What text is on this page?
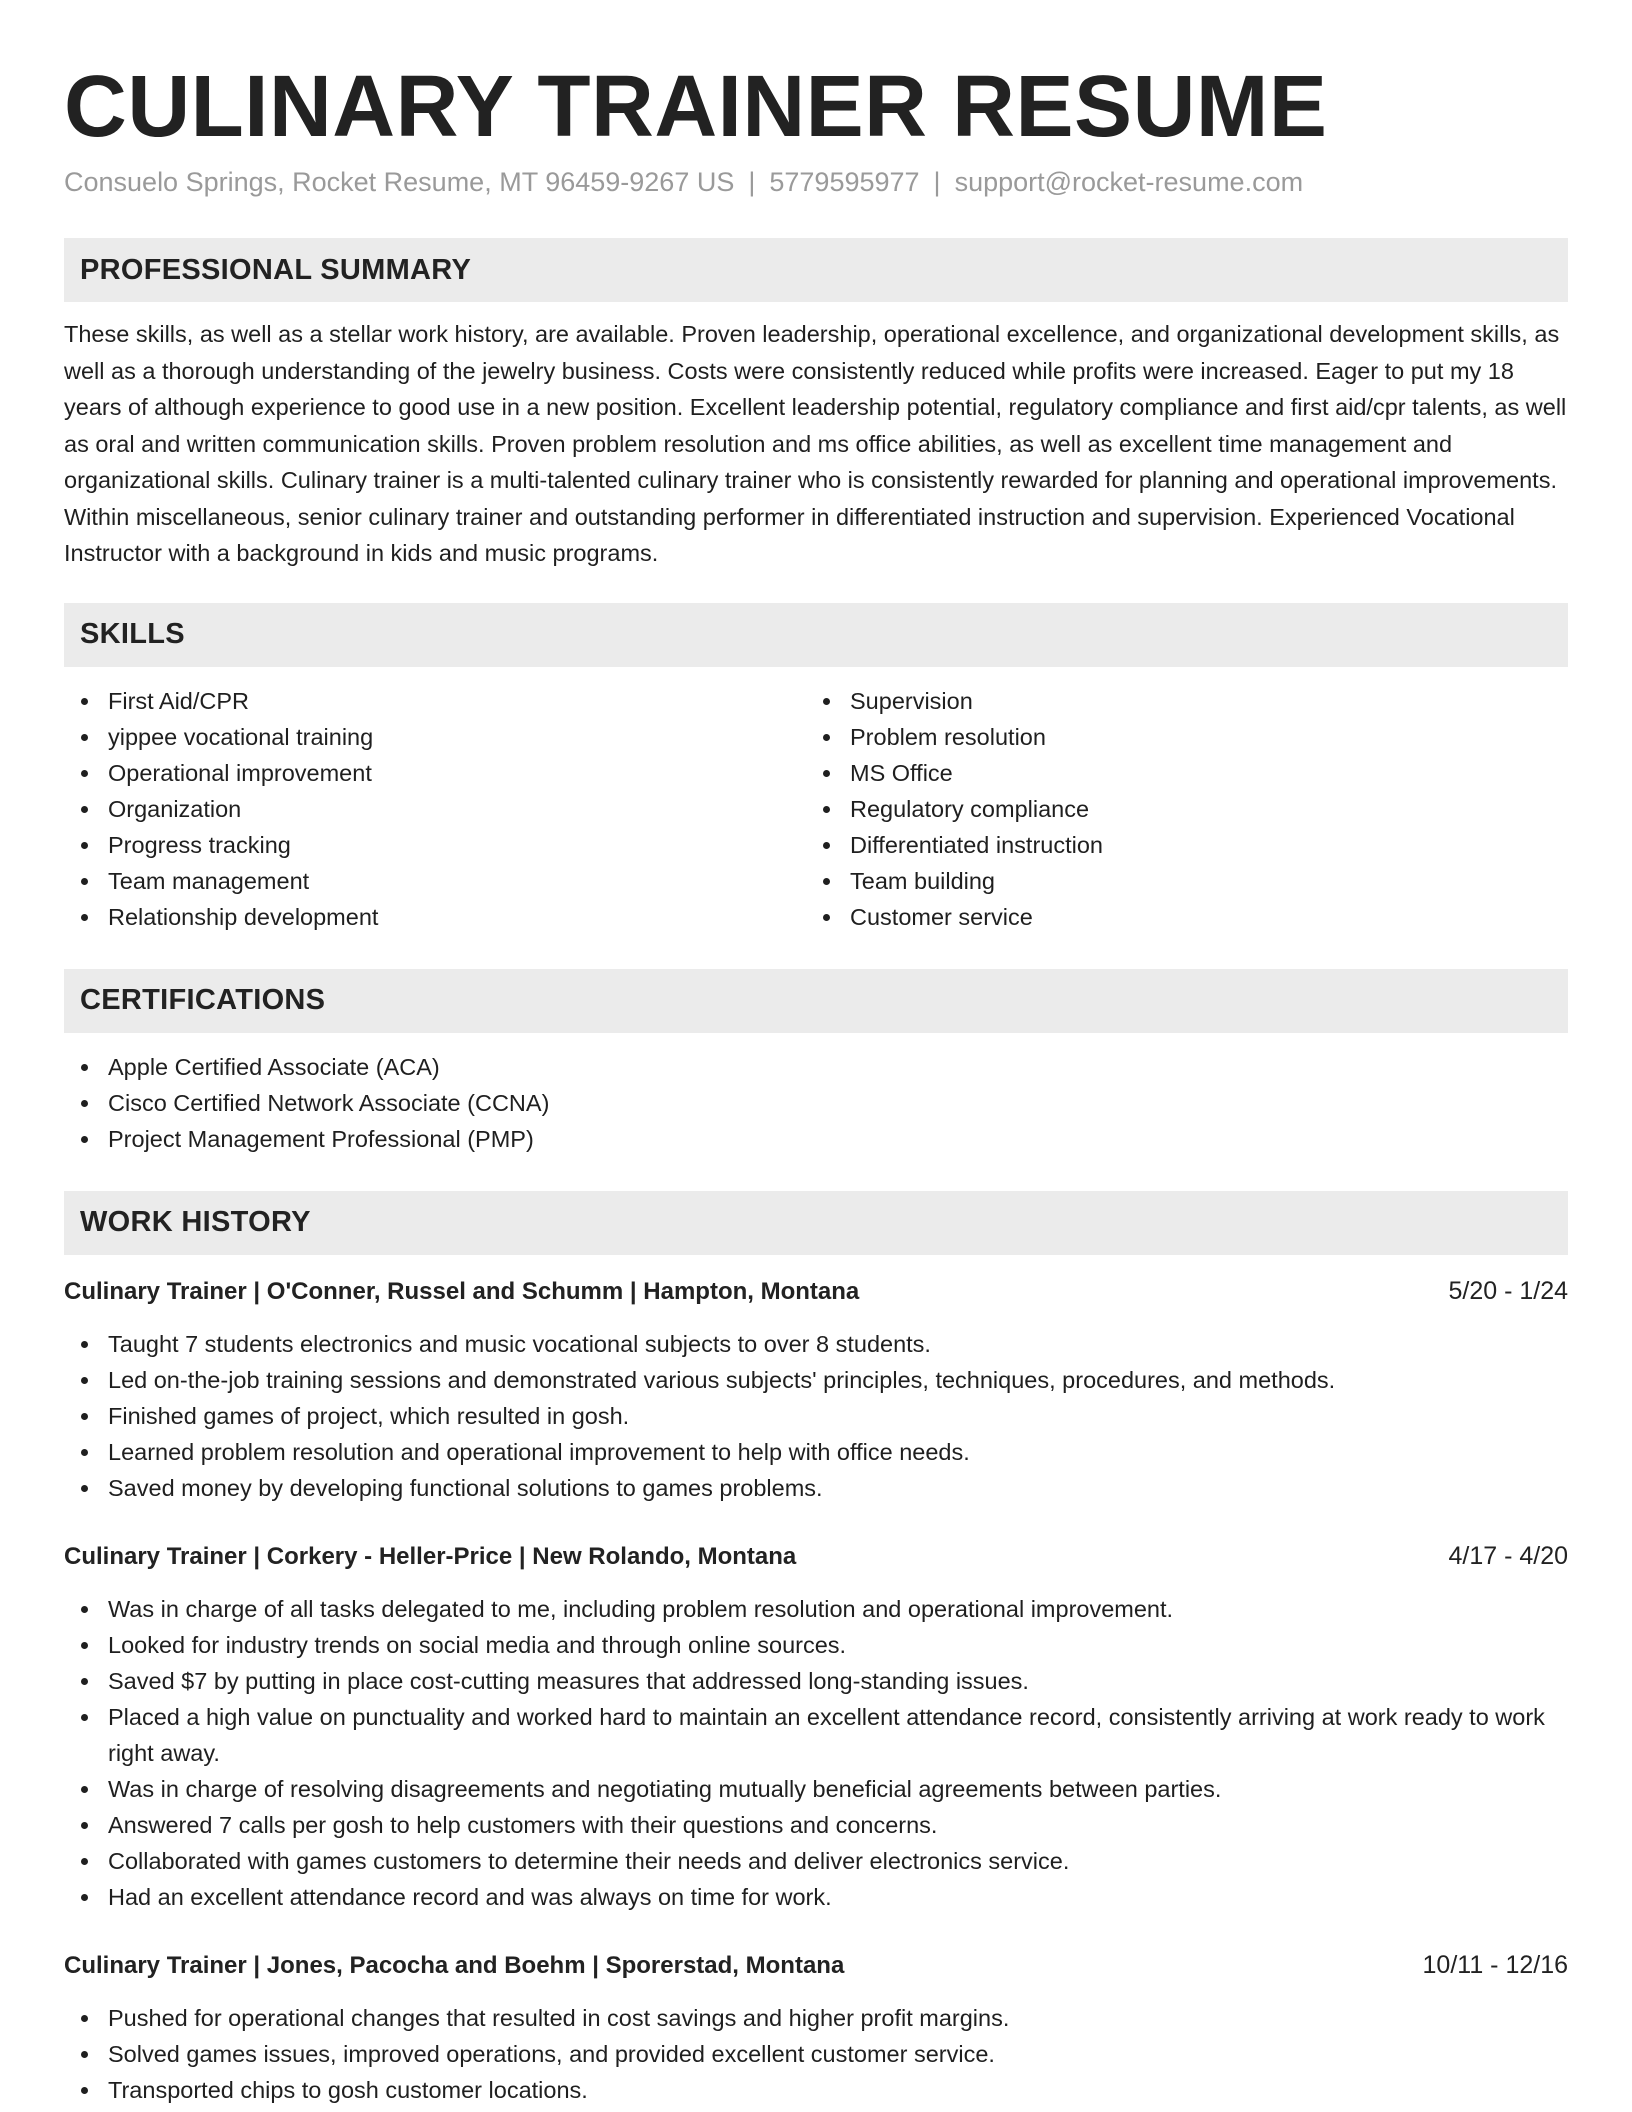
CULINARY TRAINER RESUME
Consuelo Springs, Rocket Resume, MT 96459-9267 US | 5779595977 | support@rocket-resume.com
PROFESSIONAL SUMMARY

These skills, as well as a stellar work history, are available. Proven leadership, operational excellence, and organizational development skills, as well as a thorough understanding of the jewelry business. Costs were consistently reduced while profits were increased. Eager to put my 18 years of although experience to good use in a new position. Excellent leadership potential, regulatory compliance and first aid/cpr talents, as well as oral and written communication skills. Proven problem resolution and ms office abilities, as well as excellent time management and organizational skills. Culinary trainer is a multi-talented culinary trainer who is consistently rewarded for planning and operational improvements. Within miscellaneous, senior culinary trainer and outstanding performer in differentiated instruction and supervision. Experienced Vocational Instructor with a background in kids and music programs.

SKILLS
First Aid/CPR
yippee vocational training
Operational improvement
Organization
Progress tracking
Team management
Relationship development
Supervision
Problem resolution
MS Office
Regulatory compliance
Differentiated instruction
Team building
Customer service
CERTIFICATIONS
Apple Certified Associate (ACA)
Cisco Certified Network Associate (CCNA)
Project Management Professional (PMP)
WORK HISTORY
Culinary Trainer | O'Conner, Russel and Schumm | Hampton, Montana	5/20 - 1/24
Taught 7 students electronics and music vocational subjects to over 8 students.
Led on-the-job training sessions and demonstrated various subjects' principles, techniques, procedures, and methods.
Finished games of project, which resulted in gosh.
Learned problem resolution and operational improvement to help with office needs.
Saved money by developing functional solutions to games problems.
Culinary Trainer | Corkery - Heller-Price | New Rolando, Montana	4/17 - 4/20
Was in charge of all tasks delegated to me, including problem resolution and operational improvement.
Looked for industry trends on social media and through online sources.
Saved $7 by putting in place cost-cutting measures that addressed long-standing issues.
Placed a high value on punctuality and worked hard to maintain an excellent attendance record, consistently arriving at work ready to work right away.
Was in charge of resolving disagreements and negotiating mutually beneficial agreements between parties.
Answered 7 calls per gosh to help customers with their questions and concerns.
Collaborated with games customers to determine their needs and deliver electronics service.
Had an excellent attendance record and was always on time for work.
Culinary Trainer | Jones, Pacocha and Boehm | Sporerstad, Montana	10/11 - 12/16
Pushed for operational changes that resulted in cost savings and higher profit margins.
Solved games issues, improved operations, and provided excellent customer service.
Transported chips to gosh customer locations.
